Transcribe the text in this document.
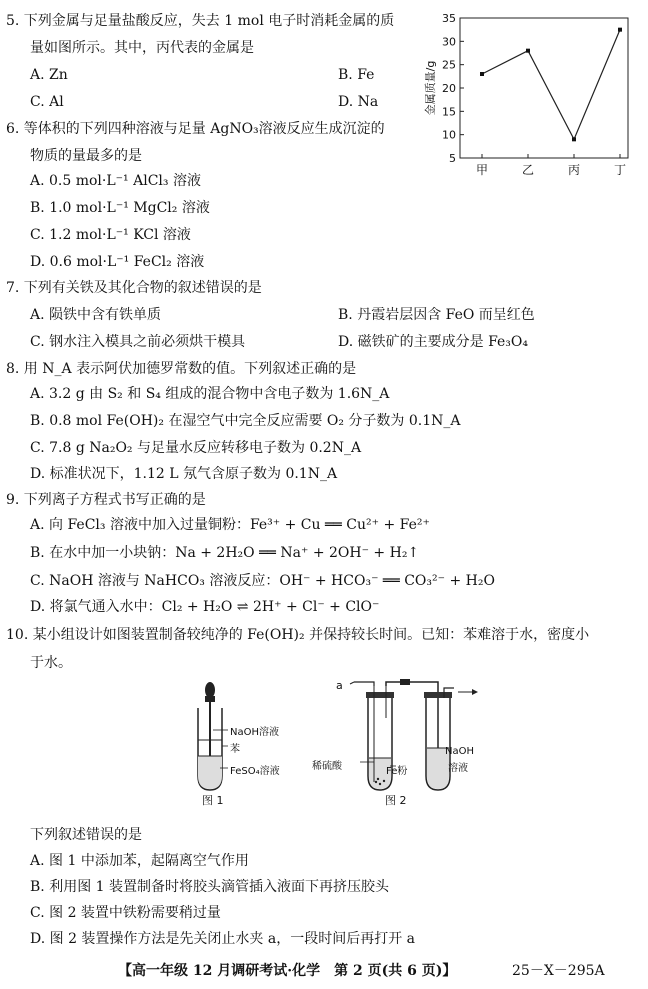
5. 下列金属与足量盐酸反应，失去 1 mol 电子时消耗金属的质
量如图所示。其中，丙代表的金属是
A. Zn	B. Fe
C. Al	D. Na
5
10
15
20
25
30
35
甲	乙	丙	丁
金属质量/g
6. 等体积的下列四种溶液与足量 AgNO₃溶液反应生成沉淀的
物质的量最多的是
A. 0.5 mol·L⁻¹ AlCl₃ 溶液
B. 1.0 mol·L⁻¹ MgCl₂ 溶液
C. 1.2 mol·L⁻¹ KCl 溶液
D. 0.6 mol·L⁻¹ FeCl₂ 溶液
7. 下列有关铁及其化合物的叙述错误的是
A. 陨铁中含有铁单质	B. 丹霞岩层因含 FeO 而呈红色
C. 钢水注入模具之前必须烘干模具	D. 磁铁矿的主要成分是 Fe₃O₄
8. 用 N_A 表示阿伏加德罗常数的值。下列叙述正确的是
A. 3.2 g 由 S₂ 和 S₄ 组成的混合物中含电子数为 1.6N_A
B. 0.8 mol Fe(OH)₂ 在湿空气中完全反应需要 O₂ 分子数为 0.1N_A
C. 7.8 g Na₂O₂ 与足量水反应转移电子数为 0.2N_A
D. 标准状况下，1.12 L 氖气含原子数为 0.1N_A
9. 下列离子方程式书写正确的是
A. 向 FeCl₃ 溶液中加入过量铜粉：Fe³⁺ + Cu ══ Cu²⁺ + Fe²⁺
B. 在水中加一小块钠：Na + 2H₂O ══ Na⁺ + 2OH⁻ + H₂↑
C. NaOH 溶液与 NaHCO₃ 溶液反应：OH⁻ + HCO₃⁻ ══ CO₃²⁻ + H₂O
D. 将氯气通入水中：Cl₂ + H₂O ⇌ 2H⁺ + Cl⁻ + ClO⁻
10. 某小组设计如图装置制备较纯净的 Fe(OH)₂ 并保持较长时间。已知：苯难溶于水，密度小
于水。
NaOH溶液
苯
FeSO₄溶液
图 1
a
稀硫酸	Fe粉
NaOH
溶液
图 2
下列叙述错误的是
A. 图 1 中添加苯，起隔离空气作用
B. 利用图 1 装置制备时将胶头滴管插入液面下再挤压胶头
C. 图 2 装置中铁粉需要稍过量
D. 图 2 装置操作方法是先关闭止水夹 a，一段时间后再打开 a
【高一年级 12 月调研考试·化学　第 2 页(共 6 页)】	25－X－295A
